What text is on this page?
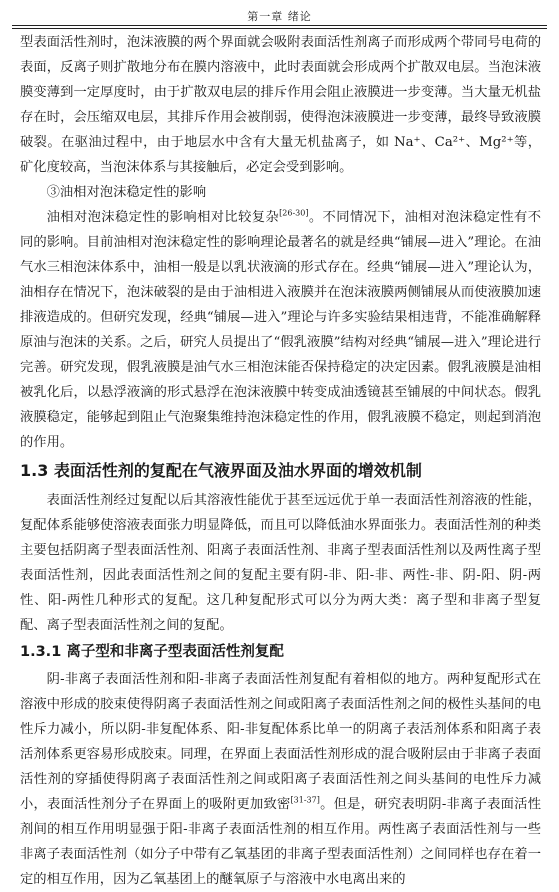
第一章 绪论

型表面活性剂时，泡沫液膜的两个界面就会吸附表面活性剂离子而形成两个带同号电荷的表面，反离子则扩散地分布在膜内溶液中，此时表面就会形成两个扩散双电层。当泡沫液膜变薄到一定厚度时，由于扩散双电层的排斥作用会阻止液膜进一步变薄。当大量无机盐存在时，会压缩双电层，其排斥作用会被削弱，使得泡沫液膜进一步变薄，最终导致液膜破裂。在驱油过程中，由于地层水中含有大量无机盐离子，如 Na⁺、Ca²⁺、Mg²⁺等，矿化度较高，当泡沫体系与其接触后，必定会受到影响。

③油相对泡沫稳定性的影响

油相对泡沫稳定性的影响相对比较复杂[26-30]。不同情况下，油相对泡沫稳定性有不同的影响。目前油相对泡沫稳定性的影响理论最著名的就是经典“铺展—进入”理论。在油气水三相泡沫体系中，油相一般是以乳状液滴的形式存在。经典“铺展—进入”理论认为，油相存在情况下，泡沫破裂的是由于油相进入液膜并在泡沫液膜两侧铺展从而使液膜加速排液造成的。但研究发现，经典“铺展—进入”理论与许多实验结果相违背，不能准确解释原油与泡沫的关系。之后，研究人员提出了“假乳液膜”结构对经典“铺展—进入”理论进行完善。研究发现，假乳液膜是油气水三相泡沫能否保持稳定的决定因素。假乳液膜是油相被乳化后，以悬浮液滴的形式悬浮在泡沫液膜中转变成油透镜甚至铺展的中间状态。假乳液膜稳定，能够起到阻止气泡聚集维持泡沫稳定性的作用，假乳液膜不稳定，则起到消泡的作用。

1.3 表面活性剂的复配在气液界面及油水界面的增效机制

表面活性剂经过复配以后其溶液性能优于甚至远远优于单一表面活性剂溶液的性能，复配体系能够使溶液表面张力明显降低，而且可以降低油水界面张力。表面活性剂的种类主要包括阴离子型表面活性剂、阳离子表面活性剂、非离子型表面活性剂以及两性离子型表面活性剂，因此表面活性剂之间的复配主要有阴-非、阳-非、两性-非、阴-阳、阴-两性、阳-两性几种形式的复配。这几种复配形式可以分为两大类：离子型和非离子型复配、离子型表面活性剂之间的复配。

1.3.1 离子型和非离子型表面活性剂复配

阴-非离子表面活性剂和阳-非离子表面活性剂复配有着相似的地方。两种复配形式在溶液中形成的胶束使得阴离子表面活性剂之间或阳离子表面活性剂之间的极性头基间的电性斥力减小，所以阴-非复配体系、阳-非复配体系比单一的阴离子表活剂体系和阳离子表活剂体系更容易形成胶束。同理，在界面上表面活性剂形成的混合吸附层由于非离子表面活性剂的穿插使得阴离子表面活性剂之间或阳离子表面活性剂之间头基间的电性斥力减小，表面活性剂分子在界面上的吸附更加致密[31-37]。但是，研究表明阴-非离子表面活性剂间的相互作用明显强于阳-非离子表面活性剂的相互作用。两性离子表面活性剂与一些非离子表面活性剂（如分子中带有乙氧基团的非离子型表面活性剂）之间同样也存在着一定的相互作用，因为乙氧基团上的醚氧原子与溶液中水电离出来的
